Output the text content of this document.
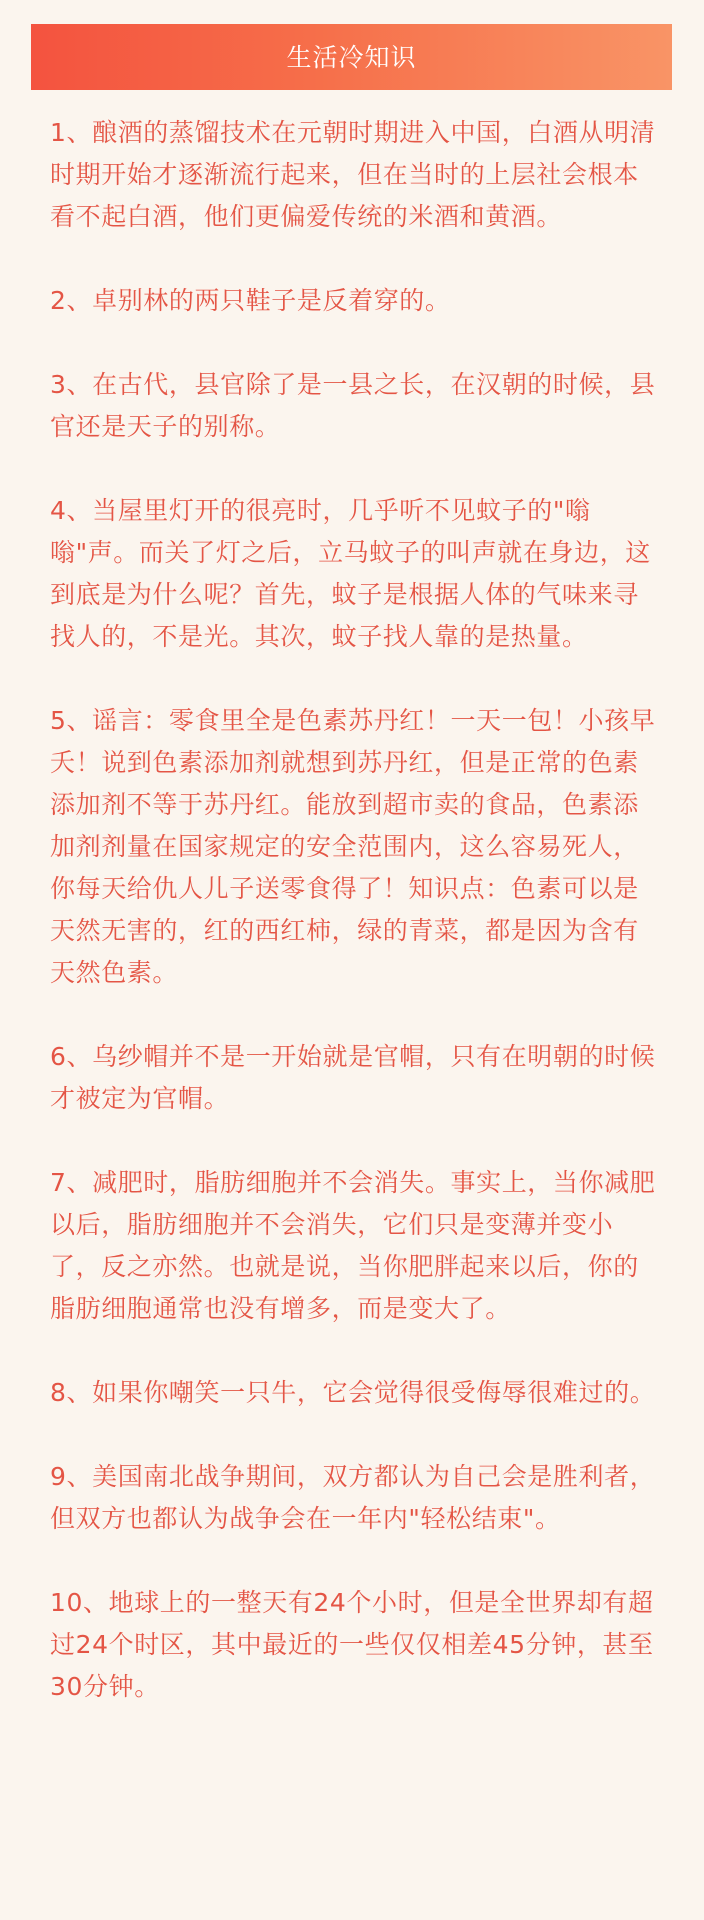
生活冷知识

1、酿酒的蒸馏技术在元朝时期进入中国，白酒从明清时期开始才逐渐流行起来，但在当时的上层社会根本看不起白酒，他们更偏爱传统的米酒和黄酒。

2、卓别林的两只鞋子是反着穿的。

3、在古代，县官除了是一县之长，在汉朝的时候，县官还是天子的别称。

4、当屋里灯开的很亮时，几乎听不见蚊子的"嗡嗡"声。而关了灯之后，立马蚊子的叫声就在身边，这到底是为什么呢？首先，蚊子是根据人体的气味来寻找人的，不是光。其次，蚊子找人靠的是热量。

5、谣言：零食里全是色素苏丹红！一天一包！小孩早夭！说到色素添加剂就想到苏丹红，但是正常的色素添加剂不等于苏丹红。能放到超市卖的食品，色素添加剂剂量在国家规定的安全范围内，这么容易死人，你每天给仇人儿子送零食得了！知识点：色素可以是天然无害的，红的西红柿，绿的青菜，都是因为含有天然色素。

6、乌纱帽并不是一开始就是官帽，只有在明朝的时候才被定为官帽。

7、减肥时，脂肪细胞并不会消失。事实上，当你减肥以后，脂肪细胞并不会消失，它们只是变薄并变小了，反之亦然。也就是说，当你肥胖起来以后，你的脂肪细胞通常也没有增多，而是变大了。

8、如果你嘲笑一只牛，它会觉得很受侮辱很难过的。

9、美国南北战争期间，双方都认为自己会是胜利者，但双方也都认为战争会在一年内"轻松结束"。

10、地球上的一整天有24个小时，但是全世界却有超过24个时区，其中最近的一些仅仅相差45分钟，甚至30分钟。
